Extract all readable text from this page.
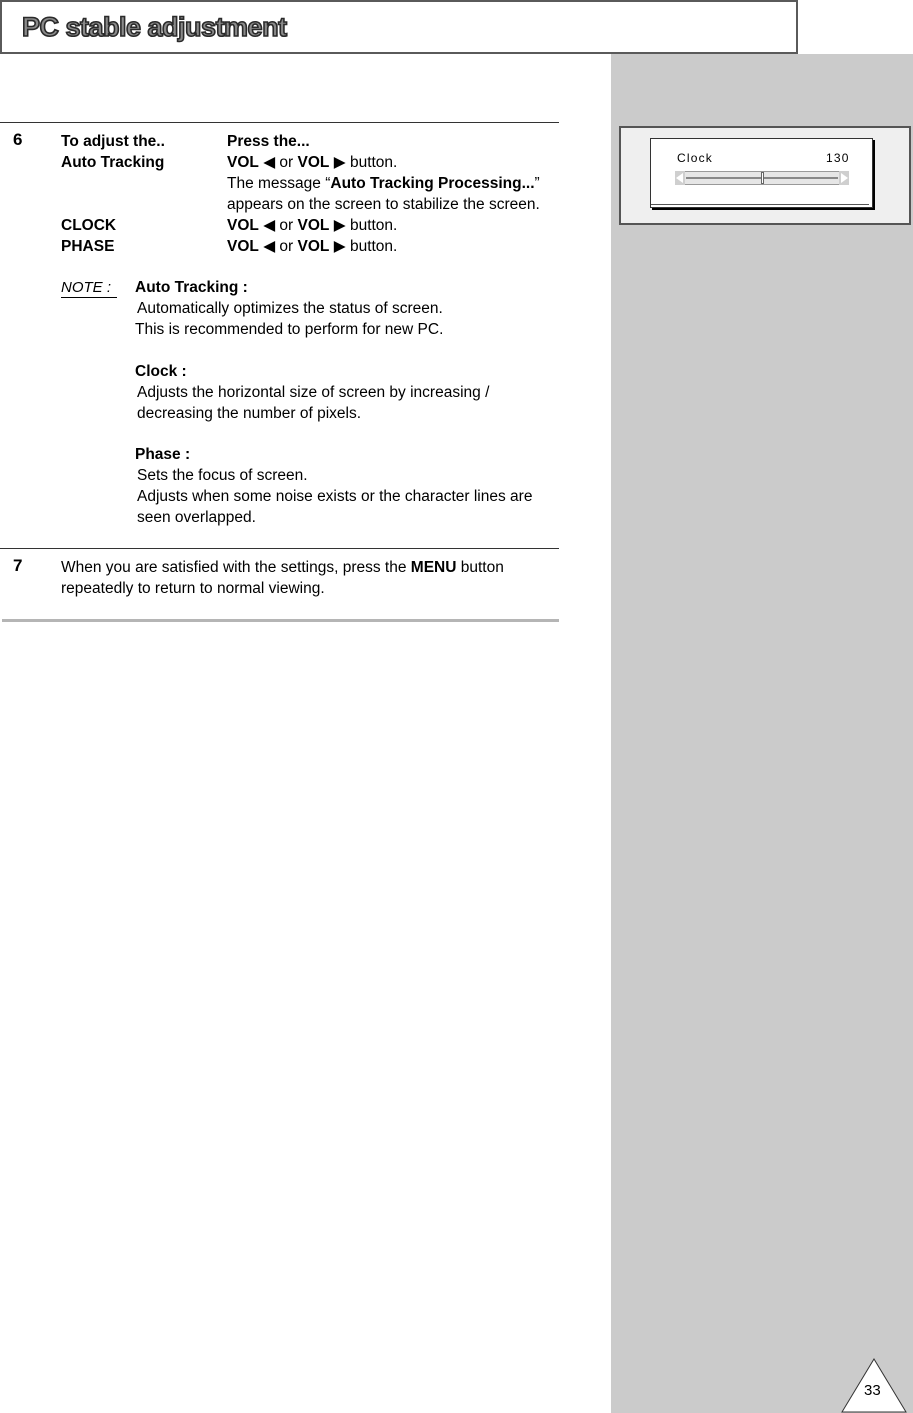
PC stable adjustment
6 To adjust the..	Press the...
Auto Tracking	VOL ◀ or VOL ▶ button.
The message “Auto Tracking Processing...”
appears on the screen to stabilize the screen.
CLOCK	VOL ◀ or VOL ▶ button.
PHASE	VOL ◀ or VOL ▶ button.
NOTE :	Auto Tracking :
Automatically optimizes the status of screen.
This is recommended to perform for new PC.
Clock :
Adjusts the horizontal size of screen by increasing /
decreasing the number of pixels.
Phase :
Sets the focus of screen.
Adjusts when some noise exists or the character lines are
seen overlapped.
7 When you are satisfied with the settings, press the MENU button
repeatedly to return to normal viewing.
Clock	130
33
